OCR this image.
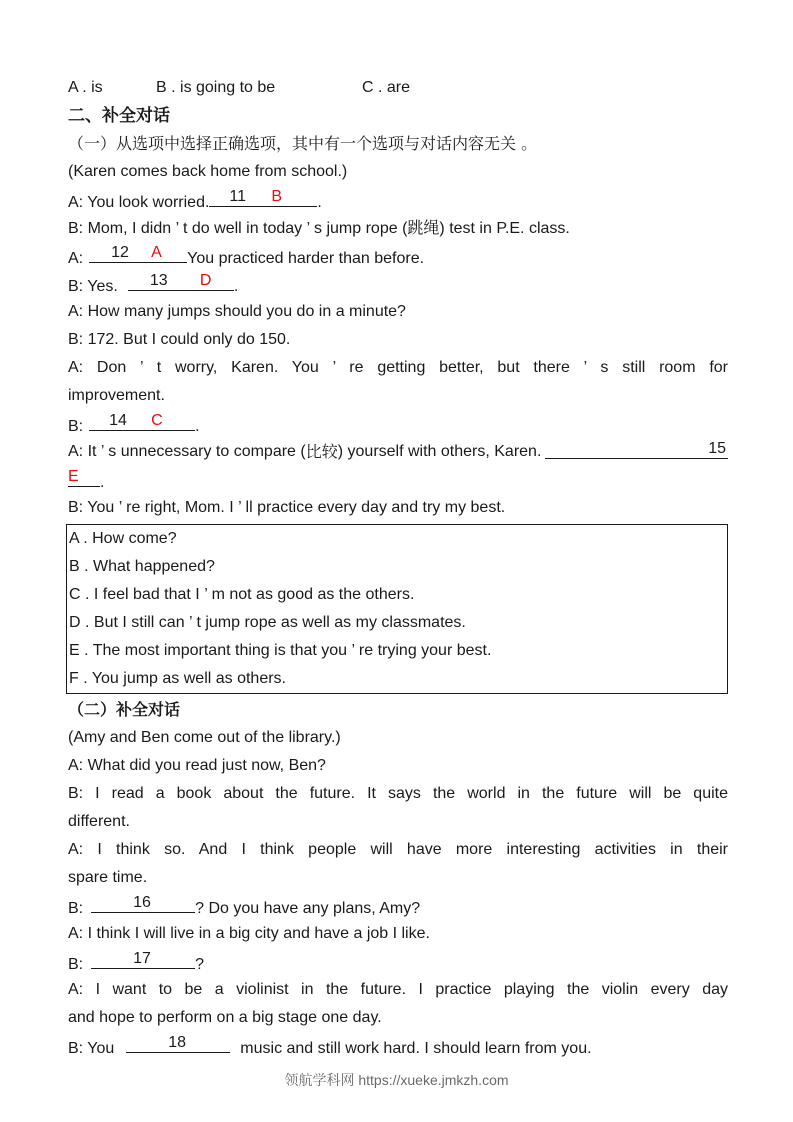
A . is	B . is going to be	C . are
二、补全对话
（一）从选项中选择正确选项，其中有一个选项与对话内容无关 。
(Karen comes back home from school.)
A: You look worried. 11 B .
B: Mom, I didn ’ t do well in today ’ s jump rope (跳绳) test in P.E. class.
A: 12 A You practiced harder than before.
B: Yes. 13 D .
A: How many jumps should you do in a minute?
B: 172. But I could only do 150.
A: Don ’ t worry, Karen. You ’ re getting better, but there ’ s still room for
improvement.
B: 14 C .
A: It ’ s unnecessary to compare ( 比较 ) yourself with others, Karen.	15
E .
B: You ’ re right, Mom. I ’ ll practice every day and try my best.
A . How come?
B . What happened?
C . I feel bad that I ’ m not as good as the others.
D . But I still can ’ t jump rope as well as my classmates.
E . The most important thing is that you ’ re trying your best.
F . You jump as well as others.
（二）补全对话
(Amy and Ben come out of the library.)
A: What did you read just now, Ben?
B: I read a book about the future. It says the world in the future will be quite
different.
A: I think so. And I think people will have more interesting activities in their
spare time.
B:	16	? Do you have any plans, Amy?
A: I think I will live in a big city and have a job I like.
B:	17	?
A: I want to be a violinist in the future. I practice playing the violin every day
and hope to perform on a big stage one day.
B: You	18	music and still work hard. I should learn from you.
领航学科网 https://xueke.jmkzh.com
